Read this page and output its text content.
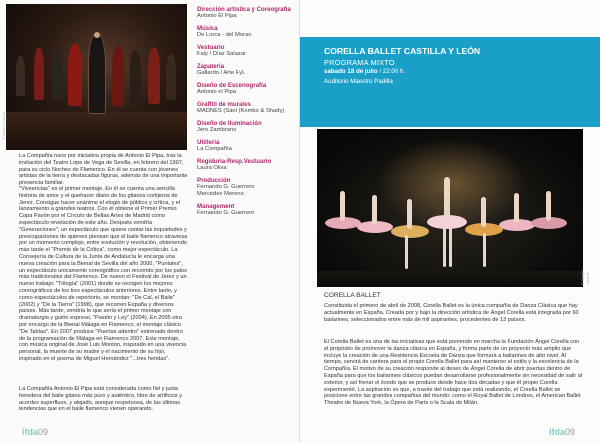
© Arturo García

La Compañía nace por iniciativa propia de Antonio El Pipa, tras la invitación del Teatro Lope de Vega de Sevilla, en febrero del 1997, para su ciclo Noches de Flamenco. En él se cuenta con jóvenes artistas de la tierra y destacadas figuras, además de una importante presencia familiar.

"Viveencias" es el primer montaje. En él se cuenta una sencilla historia de amor y el quehacer diario de los gitanos cortijeros de Jerez. Consigue hacer unánime el elogio de público y crítica, y el lanzamiento a grandes teatros. Con él obtiene el Primer Premio Copa Pavón por el Círculo de Bellas Artes de Madrid como espectáculo revelación de este año. Después vendría "Generaciones", un espectáculo que quiere contar las inquietudes y preocupaciones de quienes piensan que el baile flamenco atraviesa por un momento complejo, entre evolución y revolución, obteniendo más tarde el "Premio de la Crítica", como mejor espectáculo. La Consejería de Cultura de la Junta de Andalucía le encarga una nueva creación para la Bienal de Sevilla del año 2000, "Puntales", un espectáculo unicamente coreográfico con recorrido por los palos más tradicionales del Flamenco. De nuevo el Festival de Jerez y un nuevo trabajo: "Trilogía" (2001) donde se recogen los mejores coreográficos de los tres espectáculos anteriores. Entre tanto, y como espectáculos de repertorio, se montan: "De Cal, el Baile" (2002) y "De la Tierra" (1998), que recorren España y diversos países. Más tarde, vendría lo que sería el primer montaje con dramaturgia y guión expreso, "Pasión y Ley" (2004). En 2005 otra por encargo de la Bienal Málaga en Flamenco, el montaje clásico "De Tablao". En 2007 produce "Puertas adentro" estrenado dentro de la programación de Málaga en Flamenco 2007. Este montaje, con música original de José Luis Monton, inspirado en una vivencia personal, la muerte de su madre y el nacimiento de su hijo, inspirado en el poema de Miguel Hernández "...tres heridas".

La Compañía Antonio El Pipa está considerada como fiel y justa heredera del baile gitano más puro y auténtico, libre de artificios y acordes superfluos, y alejado, aunque respetuosa, de las últimas tendencias que en el baile flamenco vienen operando.

Dirección artística y Coreografía
Antonio El Pipa
Música
De Lorca - del Morao
Vestuario
Faly / Díaz Salazar
Zapatería
Gallardo / Arte FyL
Diseño de Escenografía
Antonio el Pipa
Graffiti de murales
MADNES (Sani (Kombo & Shady)
Diseño de Iluminación
Jero Zambrano
Utilleria
La Compañía
Regiduria-Resp.Vestuario
Laura Oliva
Producción
Fernando G. Guerrero
Mercedes Moreno
Management
Fernando G. Guerrero
lfda09
CORELLA BALLET CASTILLA Y LEÓN
PROGRAMA MIXTO
sabado 18 de julio / 22:00 h.
Auditorio Maestro Padilla
© Sergio Giraldo
CORELLA BALLET

Constituida el primero de abril de 2008, Corella Ballet es la única compañía de Danza Clásica que hay actualmente en España. Creada por y bajo la dirección artística de Ángel Corella está integrada por 60 bailarines, seleccionados entre más de mil aspirantes, procedentes de 13 países.

El Corella Ballet es una de las iniciativas que está poniendo en marcha la Fundación Ángel Corella con el propósito de promover la danza clásica en España, y forma parte de un proyecto más amplio que incluye la creación de una Residencia Escuela de Danza que formará a bailarines de alto nivel. Al tiempo, servirá de cantera para el propio Corella Ballet para así mantener el estilo y la excelencia de la Compañía. El motivo de su creación responde al deseo de Ángel Corella de abrir puertas dentro de España para que los bailarines clásicos puedan desarrollarse profesionalmente sin necesidad de salir al exterior, y así frenar el éxodo que se produce desde hace dos décadas y que él propio Corella experimentó. La aspiración es que, a través del trabajo que está realizando, el Corella Ballet se posicione entre las grandes compañías del mundo: como el Royal Ballet de Londres, el American Ballet Theatre de Nueva York, la Ópera de París o la Scala de Milán.

lfda09
